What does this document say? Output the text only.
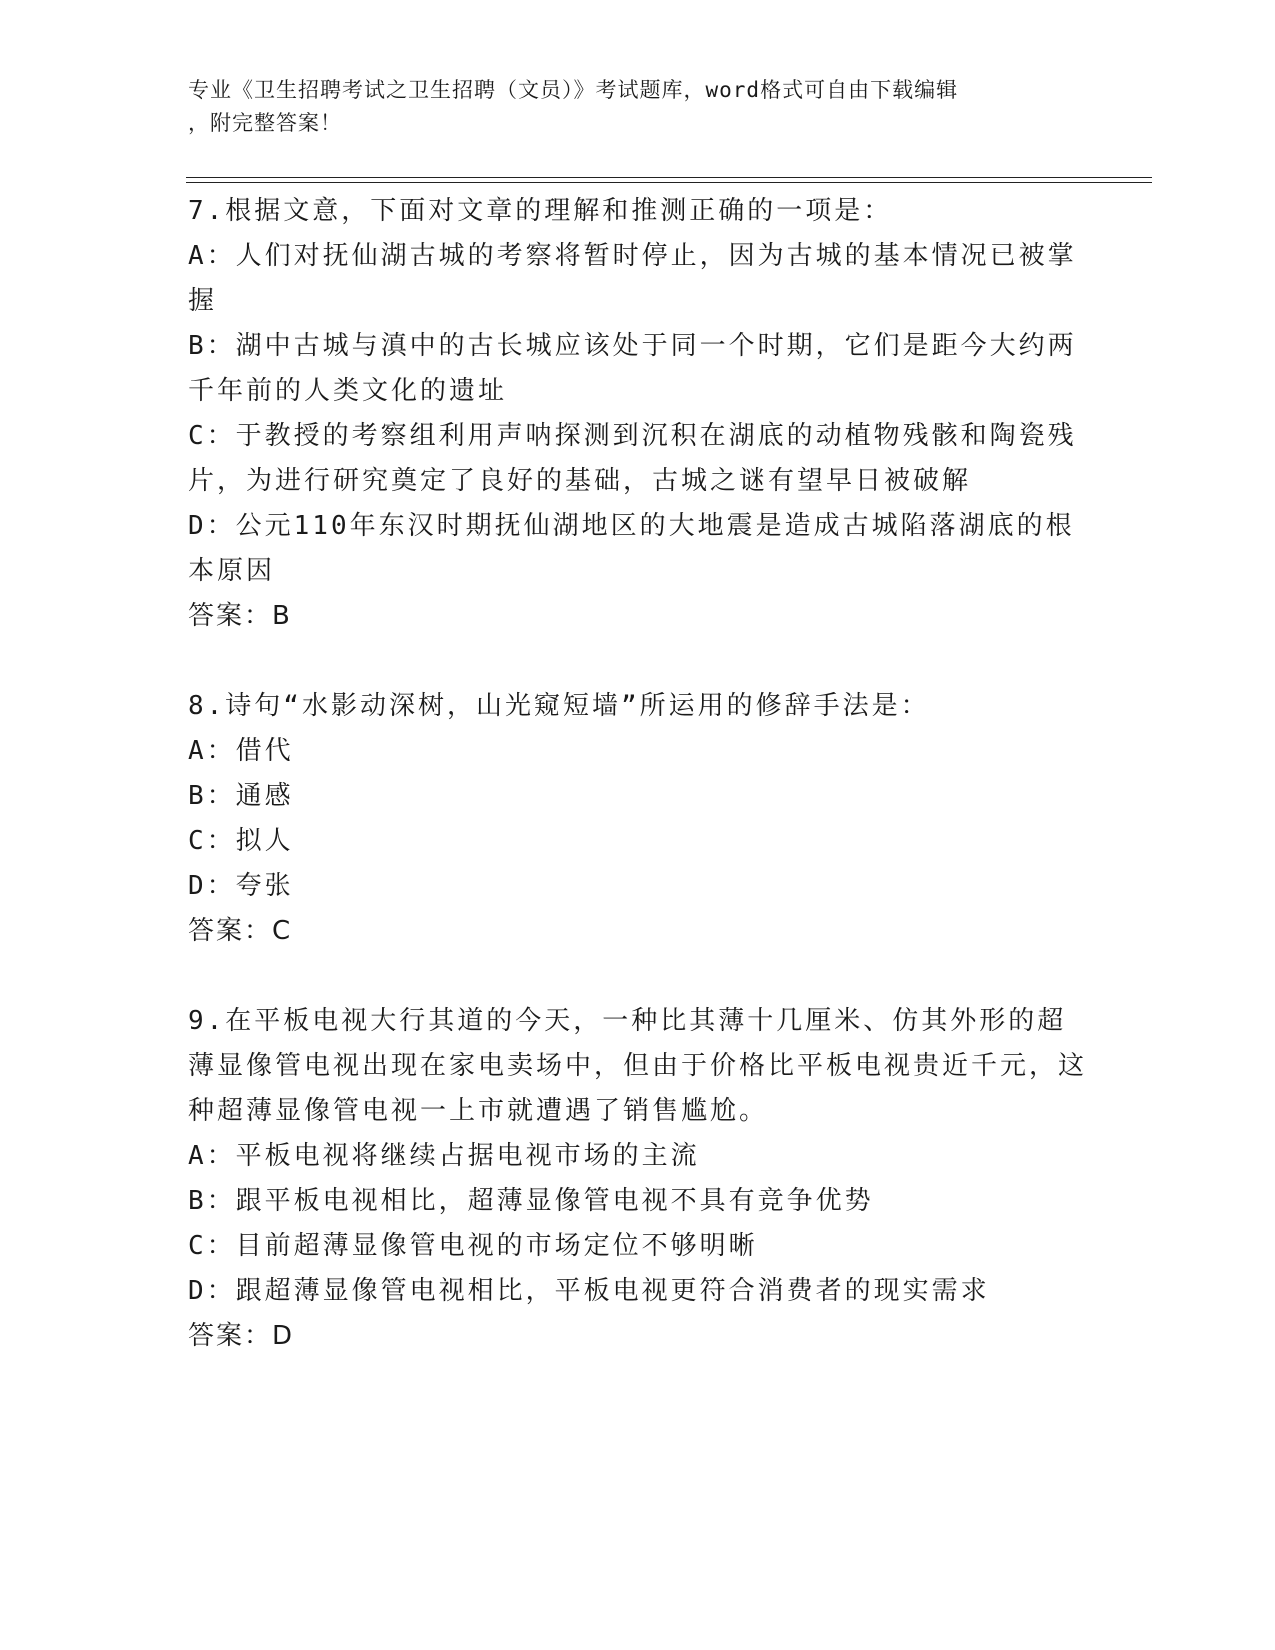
专业《卫生招聘考试之卫生招聘（文员）》考试题库，word格式可自由下载编辑

，附完整答案！

7.根据文意，下面对文章的理解和推测正确的一项是：

A：人们对抚仙湖古城的考察将暂时停止，因为古城的基本情况已被掌握

B：湖中古城与滇中的古长城应该处于同一个时期，它们是距今大约两千年前的人类文化的遗址

C：于教授的考察组利用声呐探测到沉积在湖底的动植物残骸和陶瓷残片，为进行研究奠定了良好的基础，古城之谜有望早日被破解

D：公元110年东汉时期抚仙湖地区的大地震是造成古城陷落湖底的根本原因

答案：B

8.诗句“水影动深树，山光窥短墙”所运用的修辞手法是：

A：借代

B：通感

C：拟人

D：夸张

答案：C

9.在平板电视大行其道的今天，一种比其薄十几厘米、仿其外形的超薄显像管电视出现在家电卖场中，但由于价格比平板电视贵近千元，这种超薄显像管电视一上市就遭遇了销售尴尬。

A：平板电视将继续占据电视市场的主流

B：跟平板电视相比，超薄显像管电视不具有竞争优势

C：目前超薄显像管电视的市场定位不够明晰

D：跟超薄显像管电视相比，平板电视更符合消费者的现实需求

答案：D
